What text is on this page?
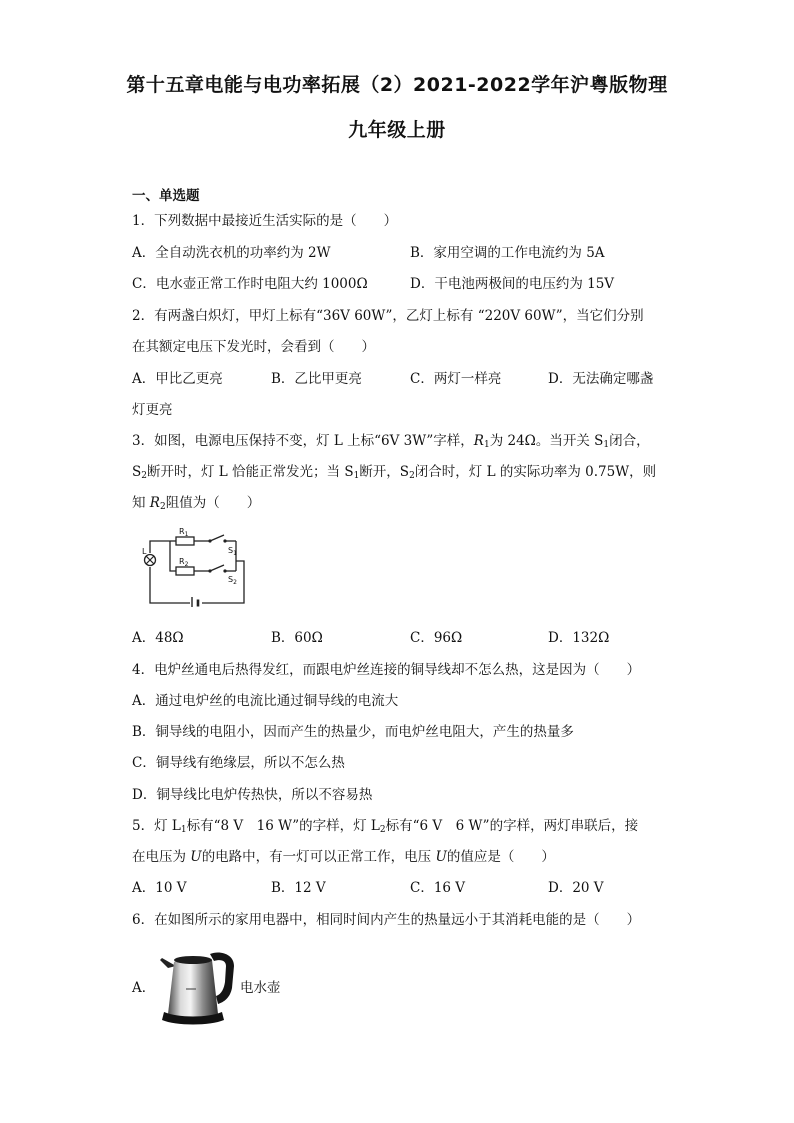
第十五章电能与电功率拓展（2）2021-2022学年沪粤版物理
九年级上册
一、单选题
1．下列数据中最接近生活实际的是（　　）
A．全自动洗衣机的功率约为 2W	B．家用空调的工作电流约为 5A
C．电水壶正常工作时电阻大约 1000Ω	D．干电池两极间的电压约为 15V
2．有两盏白炽灯，甲灯上标有“36V 60W”，乙灯上标有 “220V 60W”，当它们分别
在其额定电压下发光时，会看到（　　）
A．甲比乙更亮	B．乙比甲更亮	C．两灯一样亮	D．无法确定哪盏
灯更亮
3．如图，电源电压保持不变，灯 L 上标“6V 3W”字样，$R_1$为 24Ω。当开关 $S_1$闭合，
$S_2$断开时，灯 L 恰能正常发光；当 $S_1$断开，$S_2$闭合时，灯 L 的实际功率为 0.75W，则
知 $R_2$阻值为（　　）
L
$R_1$
$R_2$
$S_1$
$S_2$
A．48Ω	B．60Ω	C．96Ω	D．132Ω
4．电炉丝通电后热得发红，而跟电炉丝连接的铜导线却不怎么热，这是因为（　　）
A．通过电炉丝的电流比通过铜导线的电流大
B．铜导线的电阻小，因而产生的热量少，而电炉丝电阻大，产生的热量多
C．铜导线有绝缘层，所以不怎么热
D．铜导线比电炉传热快，所以不容易热
5．灯 $L_1$标有“8 V　16 W”的字样，灯 $L_2$标有“6 V　6 W”的字样，两灯串联后，接
在电压为 U的电路中，有一灯可以正常工作，电压 U的值应是（　　）
A．10 V	B．12 V	C．16 V	D．20 V
6．在如图所示的家用电器中，相同时间内产生的热量远小于其消耗电能的是（　　）
A．	电水壶
